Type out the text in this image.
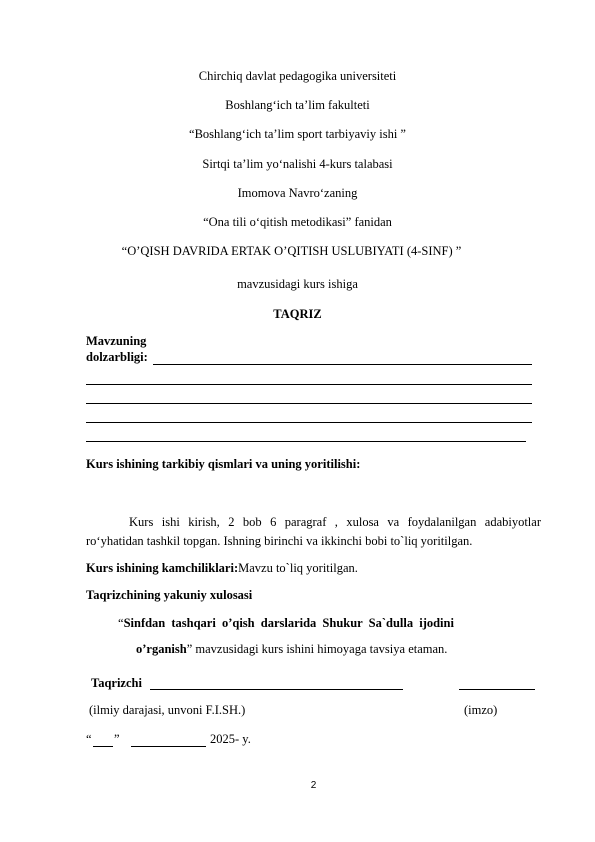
Chirchiq davlat pedagogika universiteti
Boshlang‘ich ta’lim fakulteti
“Boshlang‘ich ta’lim sport tarbiyaviy ishi ”
Sirtqi ta’lim yo‘nalishi 4-kurs talabasi
Imomova Navro‘zaning
“Ona tili o‘qitish metodikasi” fanidan
“O’QISH DAVRIDA ERTAK O’QITISH USLUBIYATI (4-SINF) ”
mavzusidagi kurs ishiga
TAQRIZ
Mavzuning
dolzarbligi:
Kurs ishining tarkibiy qismlari va uning yoritilishi:
Kurs ishi kirish, 2 bob 6 paragraf , xulosa va foydalanilgan adabiyotlar ro‘yhatidan tashkil topgan. Ishning birinchi va ikkinchi bobi to`liq yoritilgan.
Kurs ishining kamchiliklari:Mavzu to`liq yoritilgan.
Taqrizchining yakuniy xulosasi
“Sinfdan tashqari o’qish darslarida Shukur Sa`dulla ijodini
o’rganish” mavzusidagi kurs ishini himoyaga tavsiya etaman.
Taqrizchi
(ilmiy darajasi, unvoni F.I.SH.)	(imzo)
“ ”	2025- y.
2
